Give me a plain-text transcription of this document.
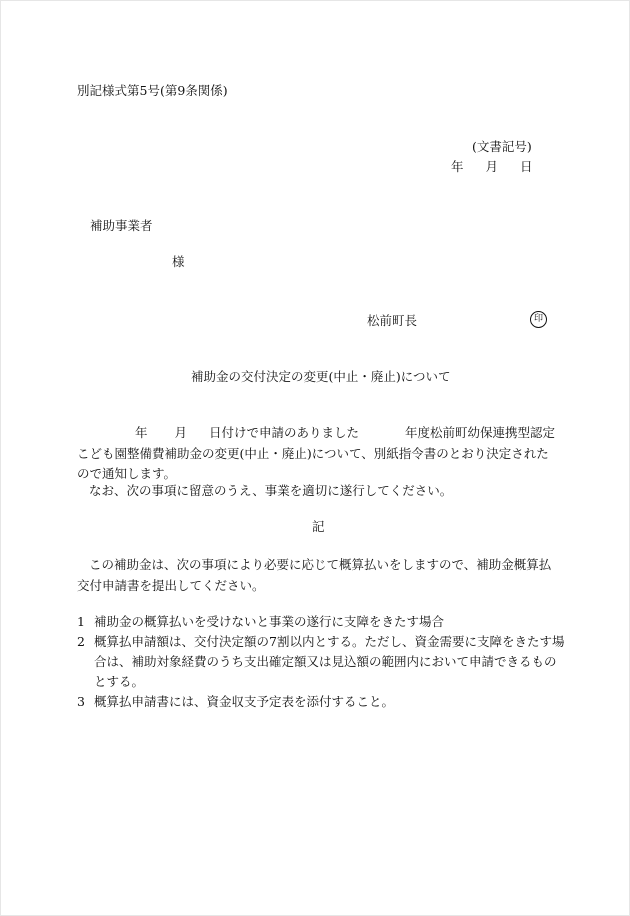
別記様式第5号(第9条関係)
(文書記号)
年 月 日
補助事業者
様
松前町長	印
補助金の交付決定の変更(中止・廃止)について
年 月 日付けで申請のありました	年度松前町幼保連携型認定こども園整備費補助金の変更(中止・廃止)について、別紙指令書のとおり決定されたので通知します。
なお、次の事項に留意のうえ、事業を適切に遂行してください。
記
この補助金は、次の事項により必要に応じて概算払いをしますので、補助金概算払交付申請書を提出してください。
1 補助金の概算払いを受けないと事業の遂行に支障をきたす場合
2 概算払申請額は、交付決定額の7割以内とする。ただし、資金需要に支障をきたす場合は、補助対象経費のうち支出確定額又は見込額の範囲内において申請できるものとする。
3 概算払申請書には、資金収支予定表を添付すること。
